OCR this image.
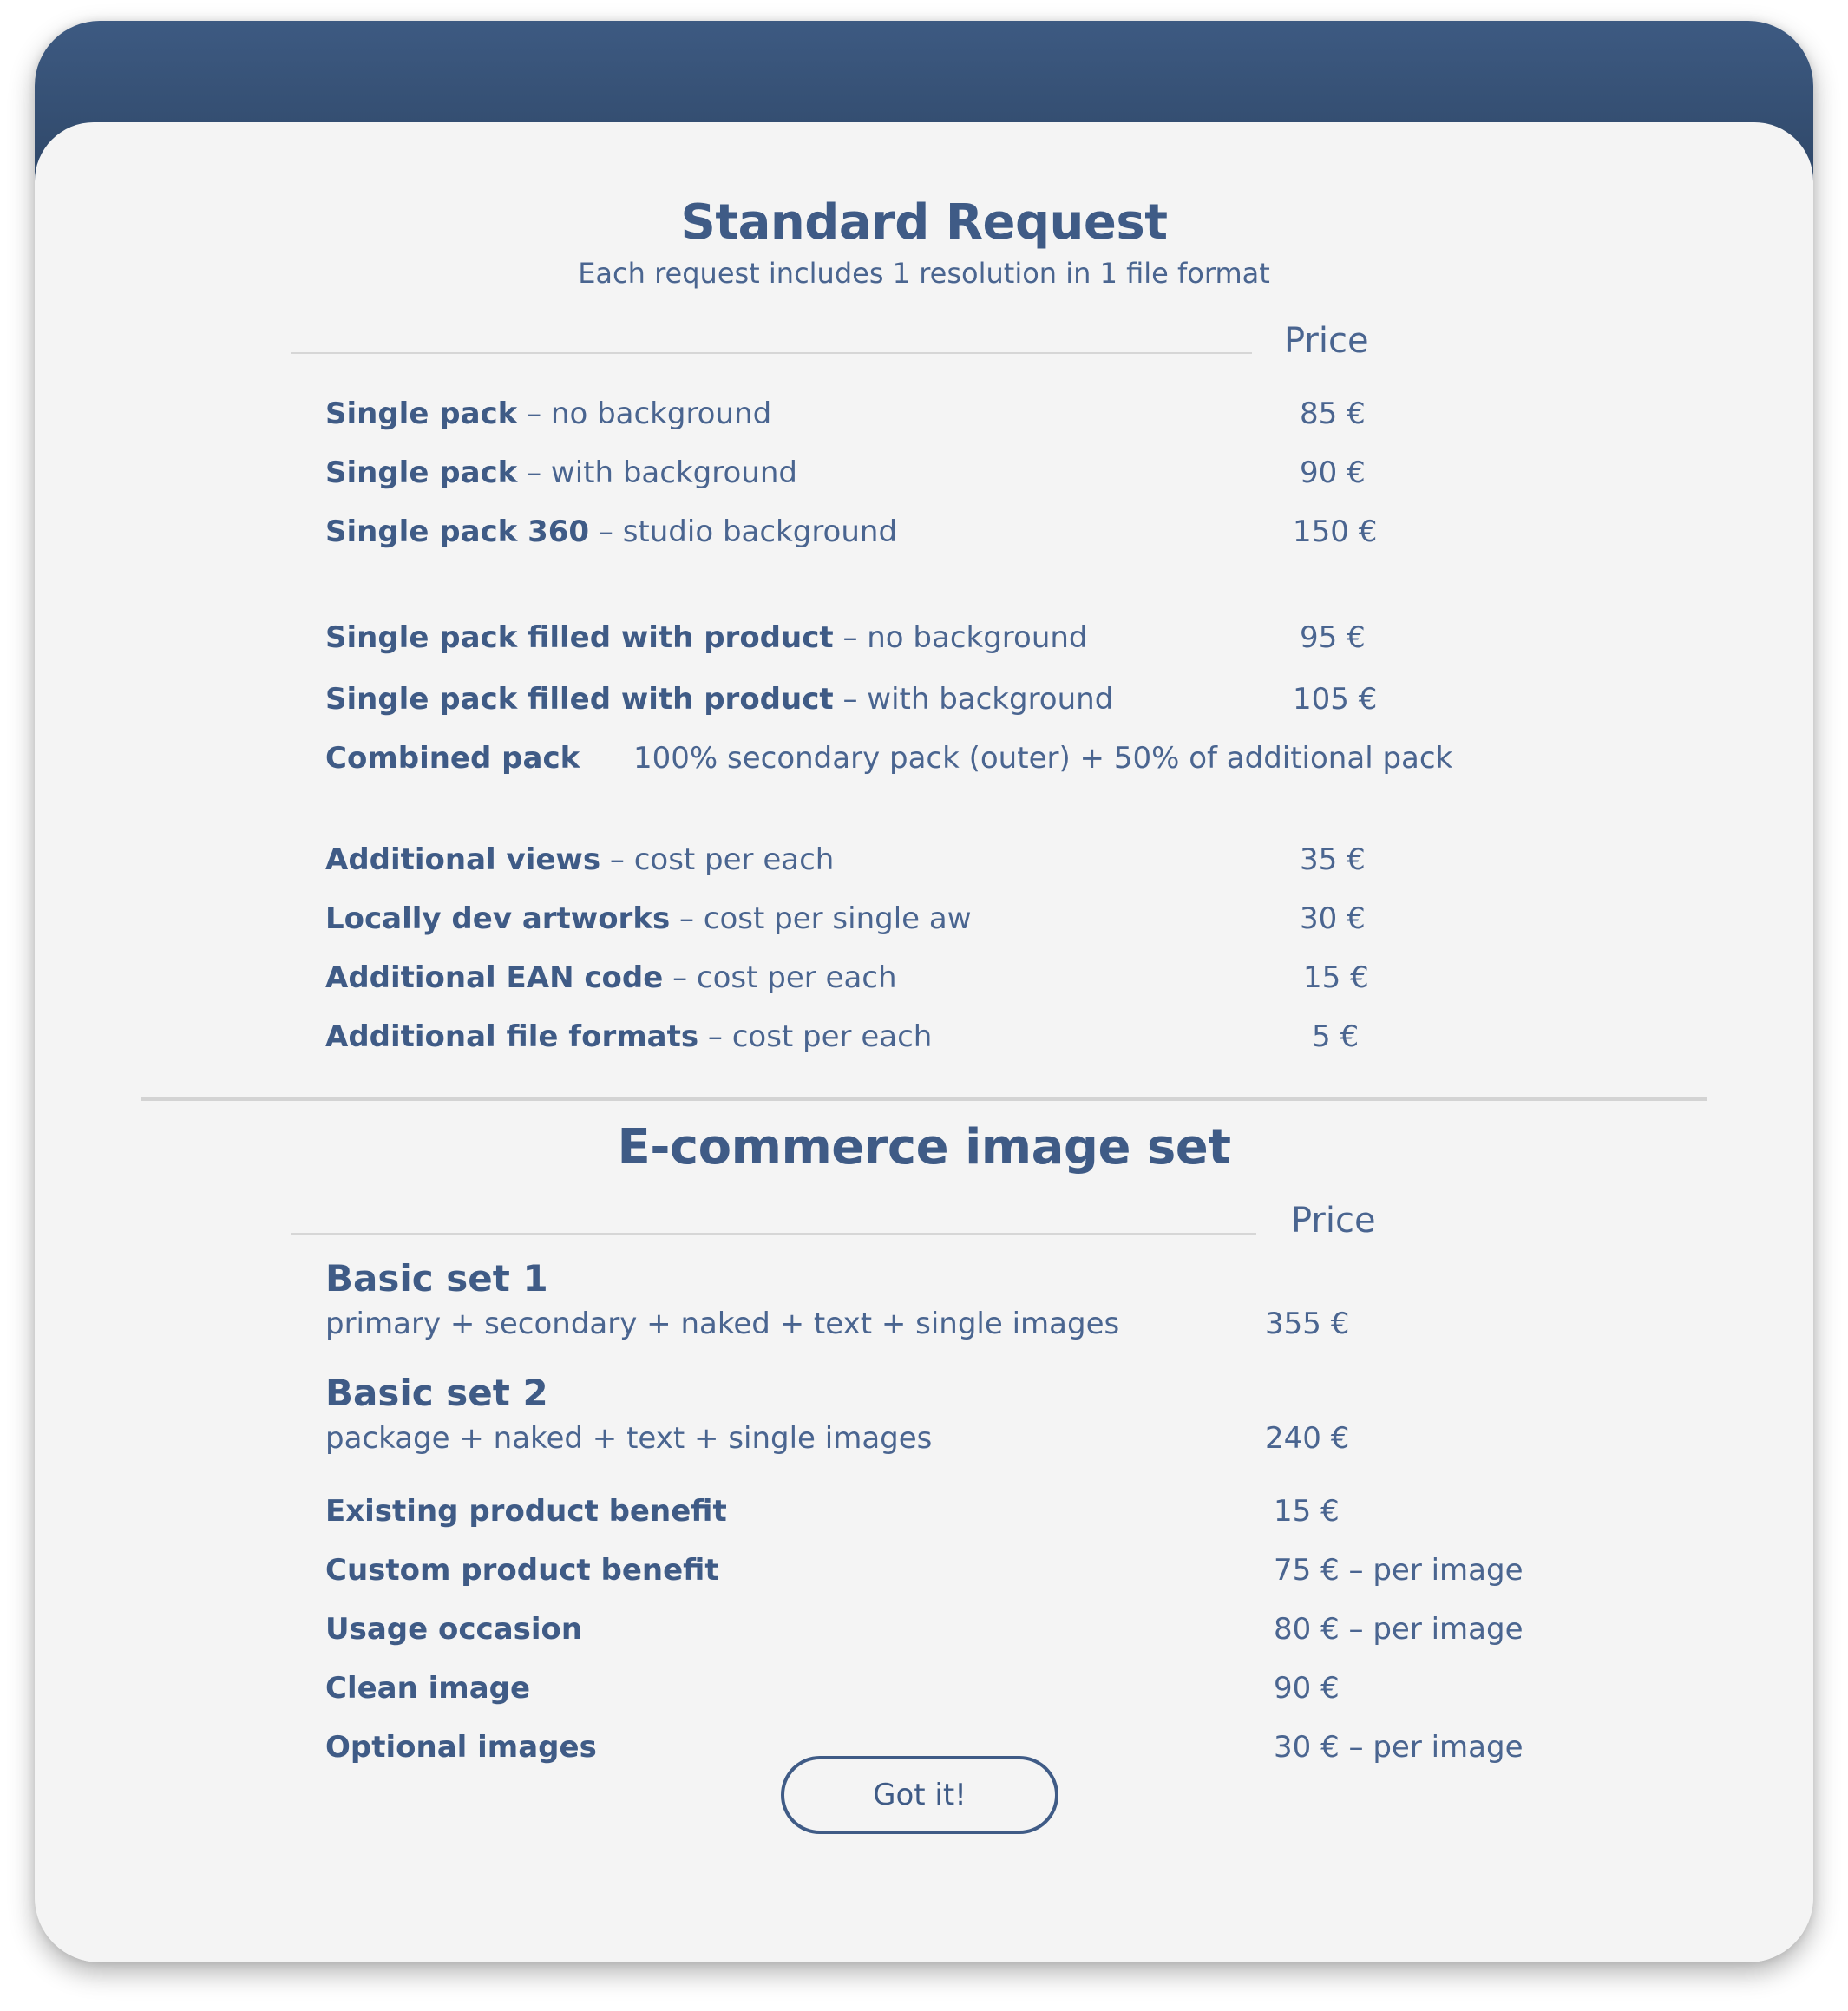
Standard Request
Each request includes 1 resolution in 1 file format
Price
Single pack – no background	85 €
Single pack – with background	90 €
Single pack 360 – studio background	150 €
Single pack filled with product – no background	95 €
Single pack filled with product – with background	105 €
Combined pack 100% secondary pack (outer) + 50% of additional pack
Additional views – cost per each	35 €
Locally dev artworks – cost per single aw	30 €
Additional EAN code – cost per each	15 €
Additional file formats – cost per each	5 €
E-commerce image set
Price
Basic set 1
primary + secondary + naked + text + single images	355 €
Basic set 2
package + naked + text + single images	240 €
Existing product benefit	15 €
Custom product benefit	75 € – per image
Usage occasion	80 € – per image
Clean image	90 €
Optional images	30 € – per image
Got it!
